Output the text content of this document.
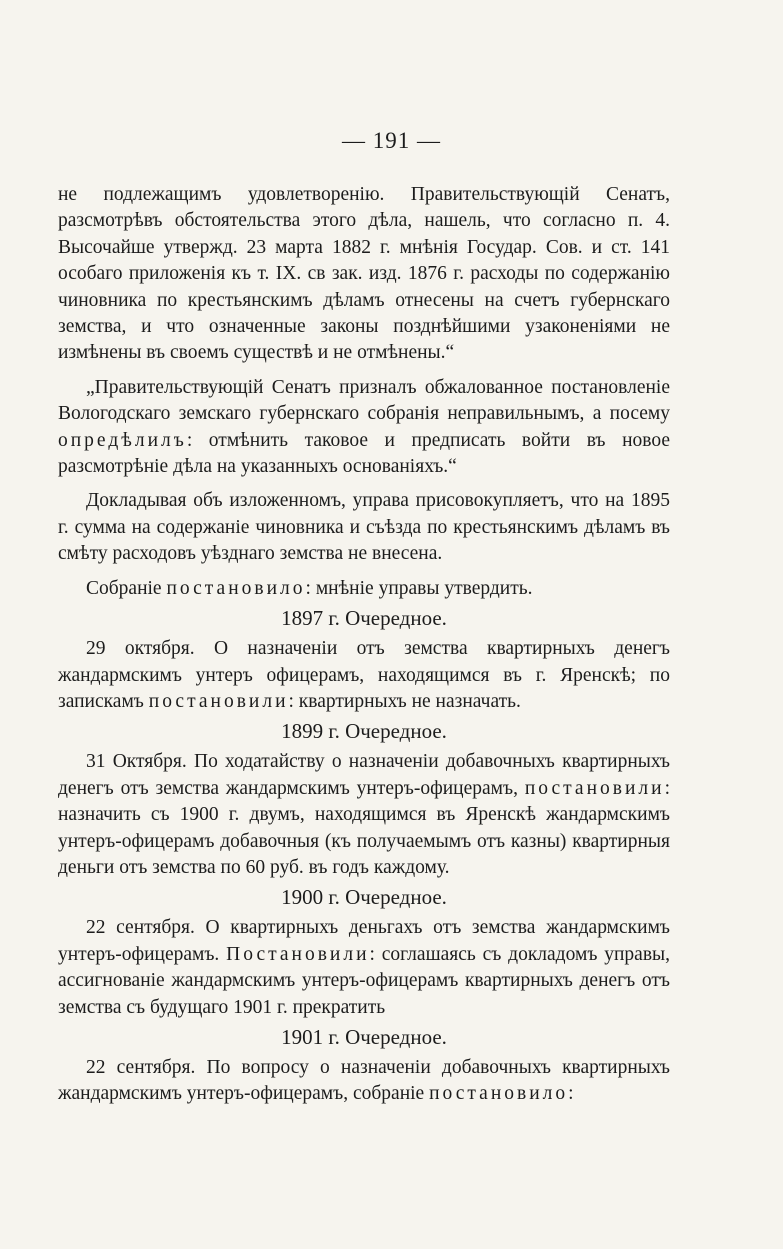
— 191 —

не подлежащимъ удовлетворенію. Правительствующій Сенатъ, разсмотрѣвъ обстоятельства этого дѣла, нашель, что согласно п. 4. Высочайше утвержд. 23 марта 1882 г. мнѣнія Государ. Сов. и ст. 141 особаго приложенія къ т. IX. св зак. изд. 1876 г. расходы по содержанію чиновника по крестьянскимъ дѣламъ отнесены на счетъ губернскаго земства, и что означенные законы позднѣйшими узаконеніями не измѣнены въ своемъ существѣ и не отмѣнены.“

„Правительствующій Сенатъ призналъ обжалованное постановленіе Вологодскаго земскаго губернскаго собранія неправильнымъ, а посему опредѣлилъ: отмѣнить таковое и предписать войти въ новое разсмотрѣніе дѣла на указанныхъ основаніяхъ.“

Докладывая объ изложенномъ, управа присовокупляетъ, что на 1895 г. сумма на содержаніе чиновника и съѣзда по крестьянскимъ дѣламъ въ смѣту расходовъ уѣзднаго земства не внесена.

Собраніе постановило: мнѣніе управы утвердить.

1897 г. Очередное.

29 октября. О назначеніи отъ земства квартирныхъ денегъ жандармскимъ унтеръ офицерамъ, находящимся въ г. Яренскѣ; по запискамъ постановили: квартирныхъ не назначать.

1899 г. Очередное.

31 Октября. По ходатайству о назначеніи добавочныхъ квартирныхъ денегъ отъ земства жандармскимъ унтеръ-офицерамъ, постановили: назначить съ 1900 г. двумъ, находящимся въ Яренскѣ жандармскимъ унтеръ-офицерамъ добавочныя (къ получаемымъ отъ казны) квартирныя деньги отъ земства по 60 руб. въ годъ каждому.

1900 г. Очередное.

22 сентября. О квартирныхъ деньгахъ отъ земства жандармскимъ унтеръ-офицерамъ. Постановили: соглашаясь съ докладомъ управы, ассигнованіе жандармскимъ унтеръ-офицерамъ квартирныхъ денегъ отъ земства съ будущаго 1901 г. прекратить

1901 г. Очередное.

22 сентября. По вопросу о назначеніи добавочныхъ квартирныхъ жандармскимъ унтеръ-офицерамъ, собраніе постановило:
